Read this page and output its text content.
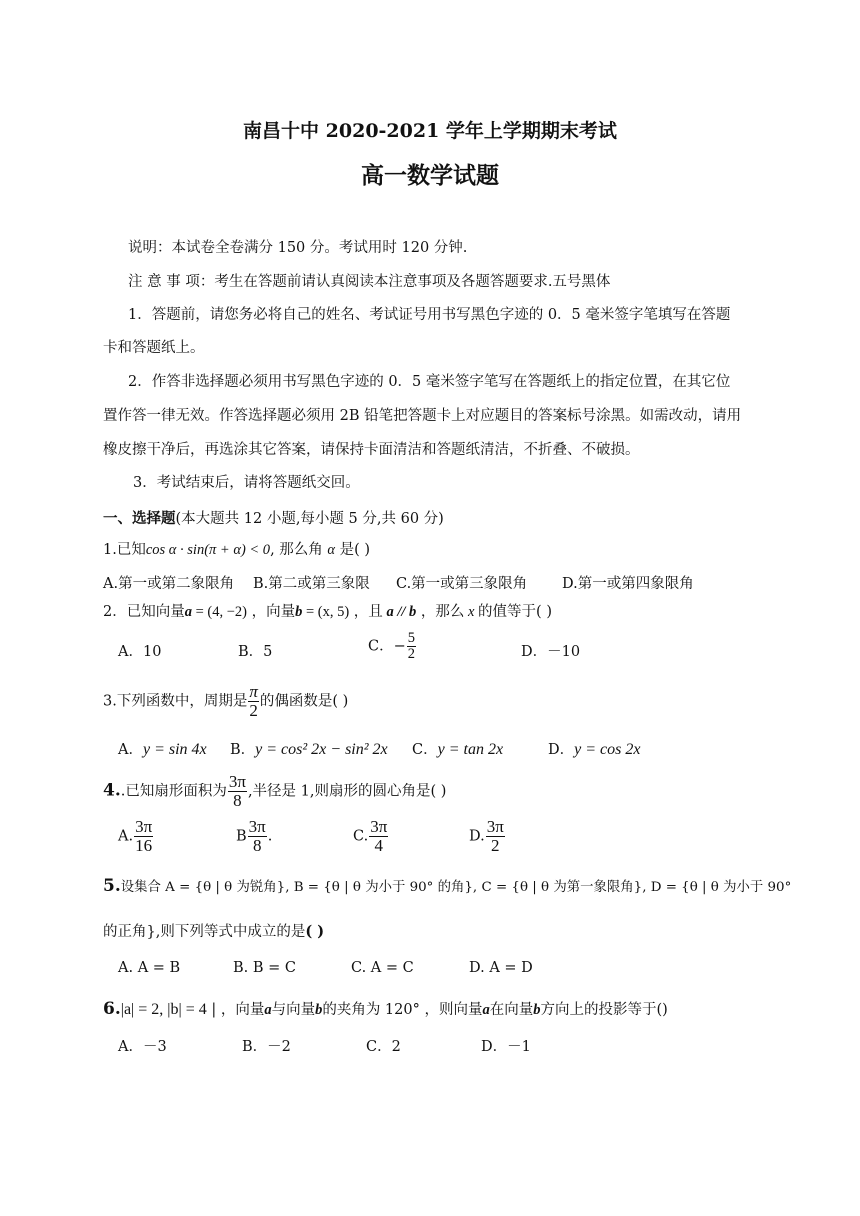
南昌十中 2020-2021 学年上学期期末考试
高一数学试题
说明：本试卷全卷满分 150 分。考试用时 120 分钟.
注 意 事 项：考生在答题前请认真阅读本注意事项及各题答题要求.五号黑体
1．答题前，请您务必将自己的姓名、考试证号用书写黑色字迹的 0．5 毫米签字笔填写在答题
卡和答题纸上。
2．作答非选择题必须用书写黑色字迹的 0．5 毫米签字笔写在答题纸上的指定位置，在其它位
置作答一律无效。作答选择题必须用 2B 铅笔把答题卡上对应题目的答案标号涂黑。如需改动，请用
橡皮擦干净后，再选涂其它答案，请保持卡面清洁和答题纸清洁，不折叠、不破损。
3．考试结束后，请将答题纸交回。
一、选择题(本大题共 12 小题,每小题 5 分,共 60 分)
1.已知cos α · sin(π + α) < 0, 那么角 α 是( )
A.第一或第二象限角 B.第二或第三象限 C.第一或第三象限角 D.第一或第四象限角
2．已知向量a = (4, −2) ，向量b = (x, 5) ，且 a // b ，那么 x 的值等于( )
A．10	B．5	C．− $\frac{5}{2}$	D．－10
3.下列函数中，周期是 $\frac{\pi}{2}$ 的偶函数是( )
A．y = sin 4x B．y = cos² 2x − sin² 2x C．y = tan 2x	D．y = cos 2x
4..已知扇形面积为 $\frac{3\pi}{8}$ ,半径是 1,则扇形的圆心角是( )
A. $\frac{3\pi}{16}$	B $\frac{3\pi}{8}$ .	C. $\frac{3\pi}{4}$	D. $\frac{3\pi}{2}$
5.设集合 A = {θ | θ 为锐角}, B = {θ | θ 为小于 90° 的角}, C = {θ | θ 为第一象限角}, D = {θ | θ 为小于 90°
的正角},则下列等式中成立的是( )
A. A = B	B. B = C	C. A = C	D. A = D
6.|a| = 2, |b| = 4 | ，向量a与向量b的夹角为 120° ，则向量a在向量b方向上的投影等于()
A．－3	B．－2	C．2	D．－1
